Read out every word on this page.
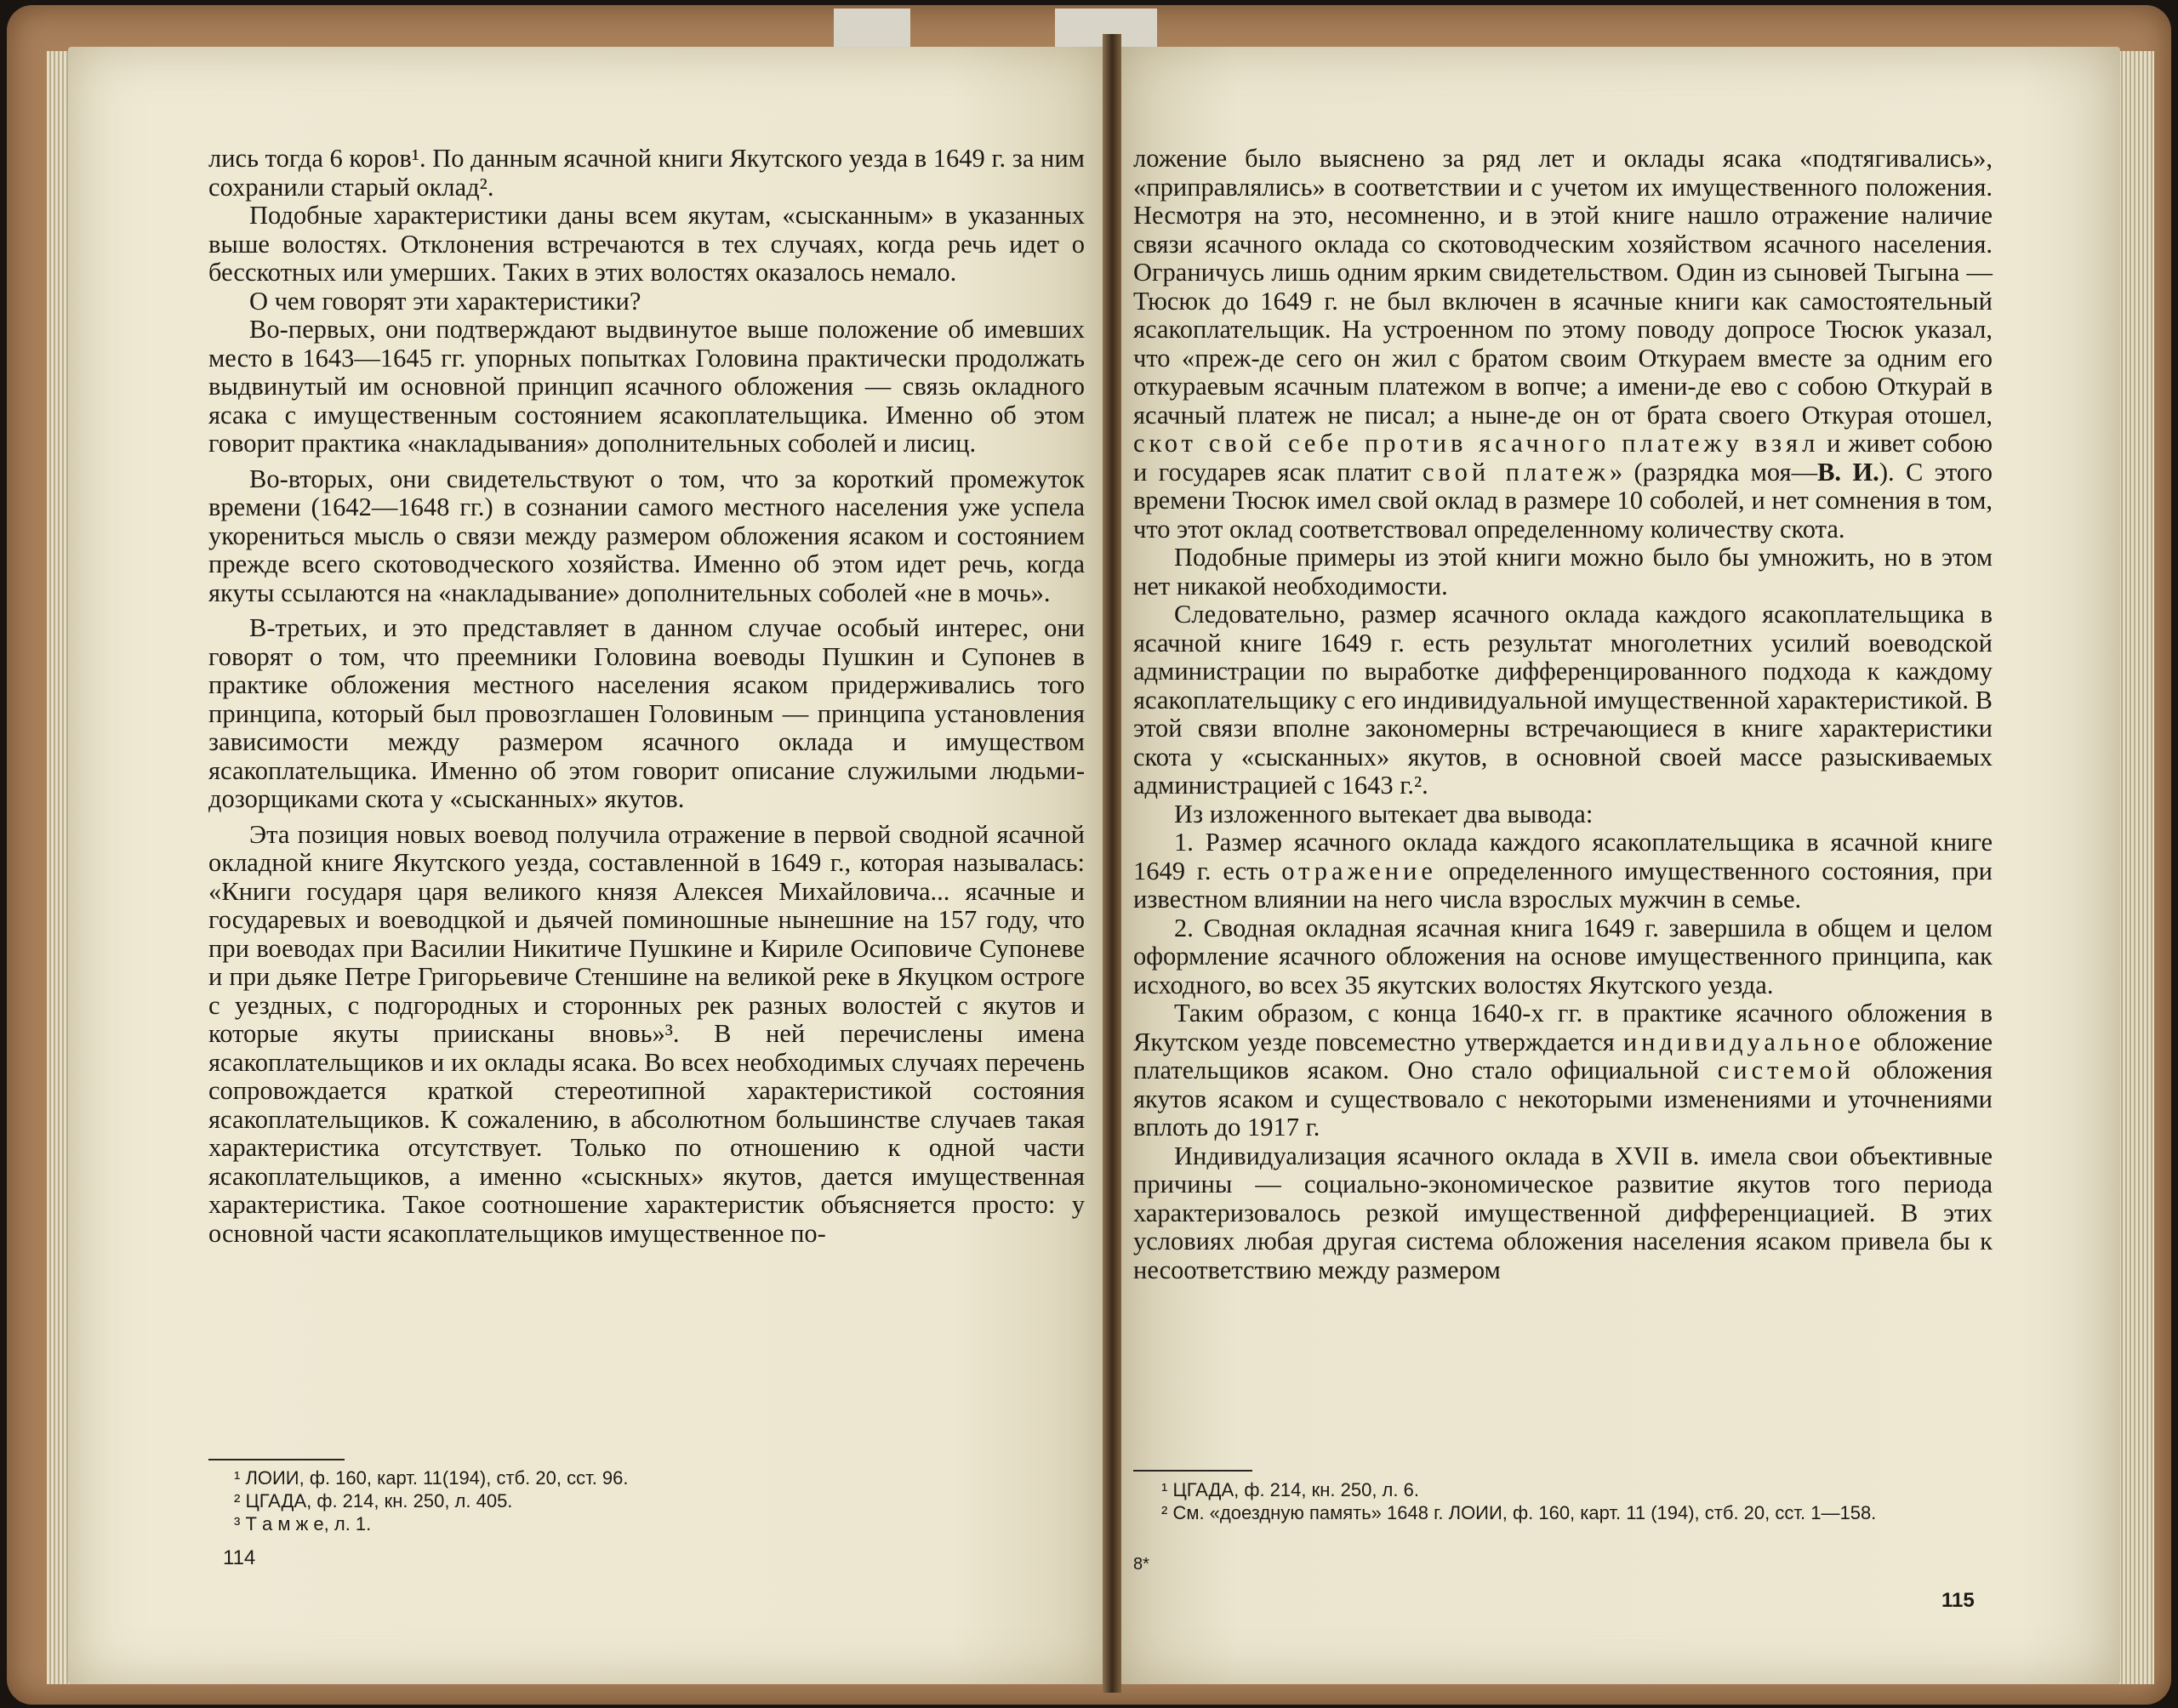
лись тогда 6 коров¹. По данным ясачной книги Якутского уезда в 1649 г. за ним сохранили старый оклад².

Подобные характеристики даны всем якутам, «сысканным» в указанных выше волостях. Отклонения встречаются в тех случаях, когда речь идет о бесскотных или умерших. Таких в этих волостях оказалось немало.

О чем говорят эти характеристики?

Во-первых, они подтверждают выдвинутое выше положение об имевших место в 1643—1645 гг. упорных попытках Головина практически продолжать выдвинутый им основной принцип ясачного обложения — связь окладного ясака с имущественным состоянием ясакоплательщика. Именно об этом говорит практика «накладывания» дополнительных соболей и лисиц.

Во-вторых, они свидетельствуют о том, что за короткий промежуток времени (1642—1648 гг.) в сознании самого местного населения уже успела укорениться мысль о связи между размером обложения ясаком и состоянием прежде всего скотоводческого хозяйства. Именно об этом идет речь, когда якуты ссылаются на «накладывание» дополнительных соболей «не в мочь».

В-третьих, и это представляет в данном случае особый интерес, они говорят о том, что преемники Головина воеводы Пушкин и Супонев в практике обложения местного населения ясаком придерживались того принципа, который был провозглашен Головиным — принципа установления зависимости между размером ясачного оклада и имуществом ясакоплательщика. Именно об этом говорит описание служилыми людьми-дозорщиками скота у «сысканных» якутов.

Эта позиция новых воевод получила отражение в первой сводной ясачной окладной книге Якутского уезда, составленной в 1649 г., которая называлась: «Книги государя царя великого князя Алексея Михайловича... ясачные и государевых и воеводцкой и дьячей поминошные нынешние на 157 году, что при воеводах при Василии Никитиче Пушкине и Кириле Осиповиче Супоневе и при дьяке Петре Григорьевиче Стеншине на великой реке в Якуцком остроге с уездных, с подгородных и сторонных рек разных волостей с якутов и которые якуты приисканы вновь»³. В ней перечислены имена ясакоплательщиков и их оклады ясака. Во всех необходимых случаях перечень сопровождается краткой стереотипной характеристикой состояния ясакоплательщиков. К сожалению, в абсолютном большинстве случаев такая характеристика отсутствует. Только по отношению к одной части ясакоплательщиков, а именно «сыскных» якутов, дается имущественная характеристика. Такое соотношение характеристик объясняется просто: у основной части ясакоплательщиков имущественное по-

¹ ЛОИИ, ф. 160, карт. 11(194), стб. 20, сст. 96.
² ЦГАДА, ф. 214, кн. 250, л. 405.
³ Т а м ж е, л. 1.
114

ложение было выяснено за ряд лет и оклады ясака «подтягивались», «приправлялись» в соответствии и с учетом их имущественного положения. Несмотря на это, несомненно, и в этой книге нашло отражение наличие связи ясачного оклада со скотоводческим хозяйством ясачного населения. Ограничусь лишь одним ярким свидетельством. Один из сыновей Тыгына — Тюсюк до 1649 г. не был включен в ясачные книги как самостоятельный ясакоплательщик. На устроенном по этому поводу допросе Тюсюк указал, что «преж-де сего он жил с братом своим Откураем вместе за одним его откураевым ясачным платежом в вопче; а имени-де ево с собою Откурай в ясачный платеж не писал; а ныне-де он от брата своего Откурая отошел, скот свой себе против ясачного платежу взял и живет собою и государев ясак платит свой платеж» (разрядка моя—В. И.). С этого времени Тюсюк имел свой оклад в размере 10 соболей, и нет сомнения в том, что этот оклад соответствовал определенному количеству скота.

Подобные примеры из этой книги можно было бы умножить, но в этом нет никакой необходимости.

Следовательно, размер ясачного оклада каждого ясакоплательщика в ясачной книге 1649 г. есть результат многолетних усилий воеводской администрации по выработке дифференцированного подхода к каждому ясакоплательщику с его индивидуальной имущественной характеристикой. В этой связи вполне закономерны встречающиеся в книге характеристики скота у «сысканных» якутов, в основной своей массе разыскиваемых администрацией с 1643 г.².

Из изложенного вытекает два вывода:

1. Размер ясачного оклада каждого ясакоплательщика в ясачной книге 1649 г. есть отражение определенного имущественного состояния, при известном влиянии на него числа взрослых мужчин в семье.

2. Сводная окладная ясачная книга 1649 г. завершила в общем и целом оформление ясачного обложения на основе имущественного принципа, как исходного, во всех 35 якутских волостях Якутского уезда.

Таким образом, с конца 1640-х гг. в практике ясачного обложения в Якутском уезде повсеместно утверждается индивидуальное обложение плательщиков ясаком. Оно стало официальной системой обложения якутов ясаком и существовало с некоторыми изменениями и уточнениями вплоть до 1917 г.

Индивидуализация ясачного оклада в XVII в. имела свои объективные причины — социально-экономическое развитие якутов того периода характеризовалось резкой имущественной дифференциацией. В этих условиях любая другая система обложения населения ясаком привела бы к несоответствию между размером

¹ ЦГАДА, ф. 214, кн. 250, л. 6.
² См. «доездную память» 1648 г. ЛОИИ, ф. 160, карт. 11 (194), стб. 20, сст. 1—158.
8*
115
